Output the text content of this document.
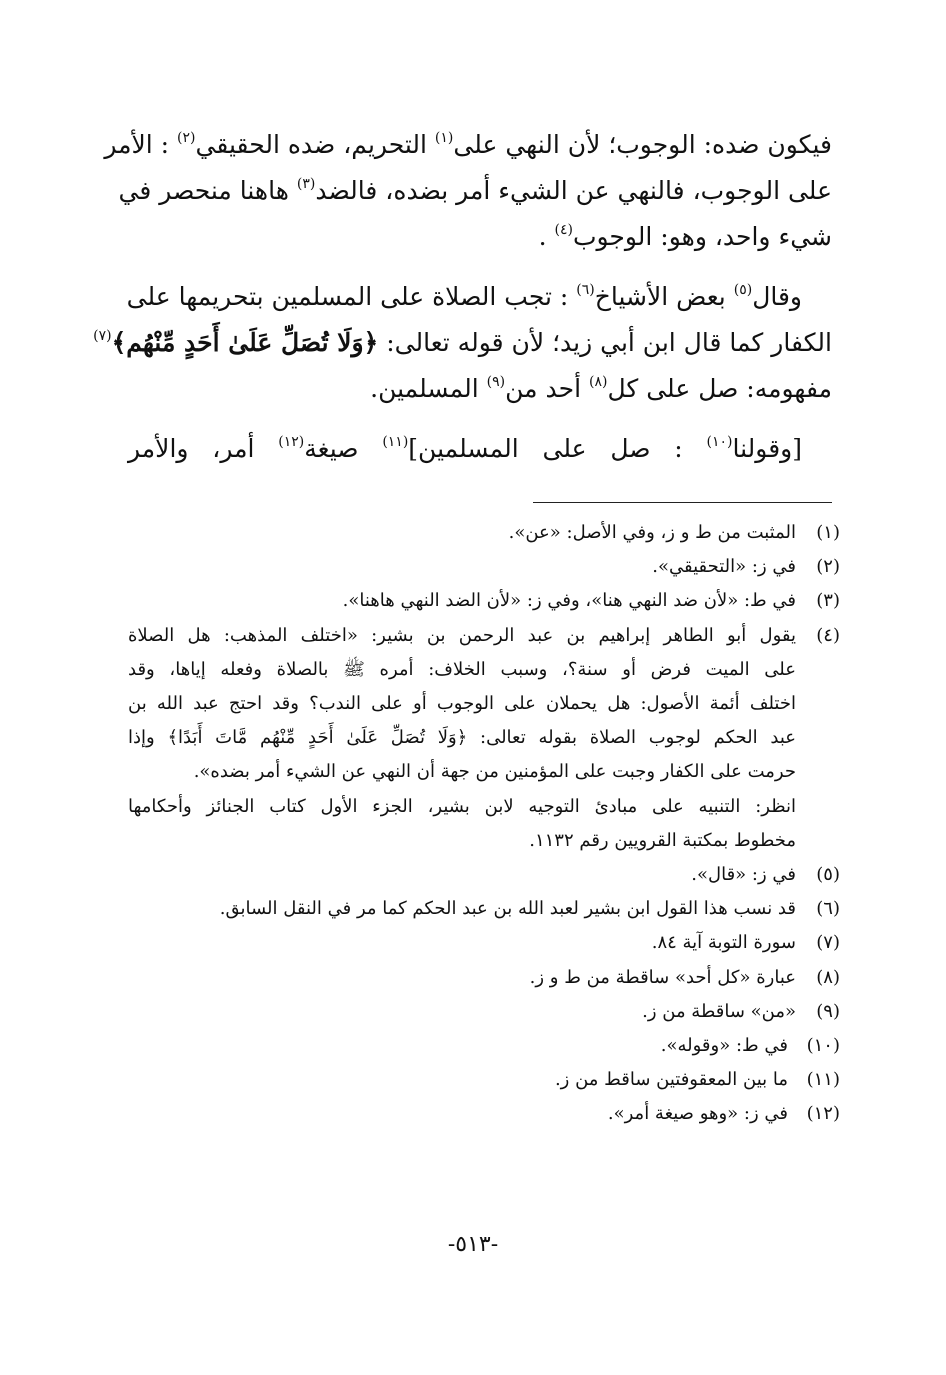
فيكون ضده: الوجوب؛ لأن النهي على$^{(١)}$ التحريم، ضده الحقيقي$^{(٢)}$ : الأمر
على الوجوب، فالنهي عن الشيء أمر بضده، فالضد$^{(٣)}$ هاهنا منحصر في
شيء واحد، وهو: الوجوب$^{(٤)}$ .

وقال$^{(٥)}$ بعض الأشياخ$^{(٦)}$ : تجب الصلاة على المسلمين بتحريمها على
الكفار كما قال ابن أبي زيد؛ لأن قوله تعالى: ﴿وَلَا تُصَلِّ عَلَىٰ أَحَدٍ مِّنْهُم﴾$^{(٧)}$
مفهومه: صل على كل$^{(٨)}$ أحد من$^{(٩)}$ المسلمين.

[وقولنا$^{(١٠)}$ : صل على المسلمين]$^{(١١)}$ صيغة$^{(١٢)}$ أمر، والأمر

(١)
المثبت من ط و ز، وفي الأصل: «عن».
(٢)
في ز: «التحقيقي».
(٣)
في ط: «لأن ضد النهي هنا»، وفي ز: «لأن الضد النهي هاهنا».
(٤)
يقول أبو الطاهر إبراهيم بن عبد الرحمن بن بشير: «اختلف المذهب: هل الصلاة
على الميت فرض أو سنة؟، وسبب الخلاف: أمره ﷺ بالصلاة وفعله إياها، وقد
اختلف أئمة الأصول: هل يحملان على الوجوب أو على الندب؟ وقد احتج عبد الله بن
عبد الحكم لوجوب الصلاة بقوله تعالى: ﴿وَلَا تُصَلِّ عَلَىٰ أَحَدٍ مِّنْهُم مَّاتَ أَبَدًا﴾ وإذا
حرمت على الكفار وجبت على المؤمنين من جهة أن النهي عن الشيء أمر بضده».
انظر: التنبيه على مبادئ التوجيه لابن بشير، الجزء الأول كتاب الجنائز وأحكامها
مخطوط بمكتبة القرويين رقم ١١٣٢.
(٥)
في ز: «قال».
(٦)
قد نسب هذا القول ابن بشير لعبد الله بن عبد الحكم كما مر في النقل السابق.
(٧)
سورة التوبة آية ٨٤.
(٨)
عبارة «كل أحد» ساقطة من ط و ز.
(٩)
«من» ساقطة من ز.
(١٠)
في ط: «وقوله».
(١١)
ما بين المعقوفتين ساقط من ز.
(١٢)
في ز: «وهو صيغة أمر».
-٥١٣-
